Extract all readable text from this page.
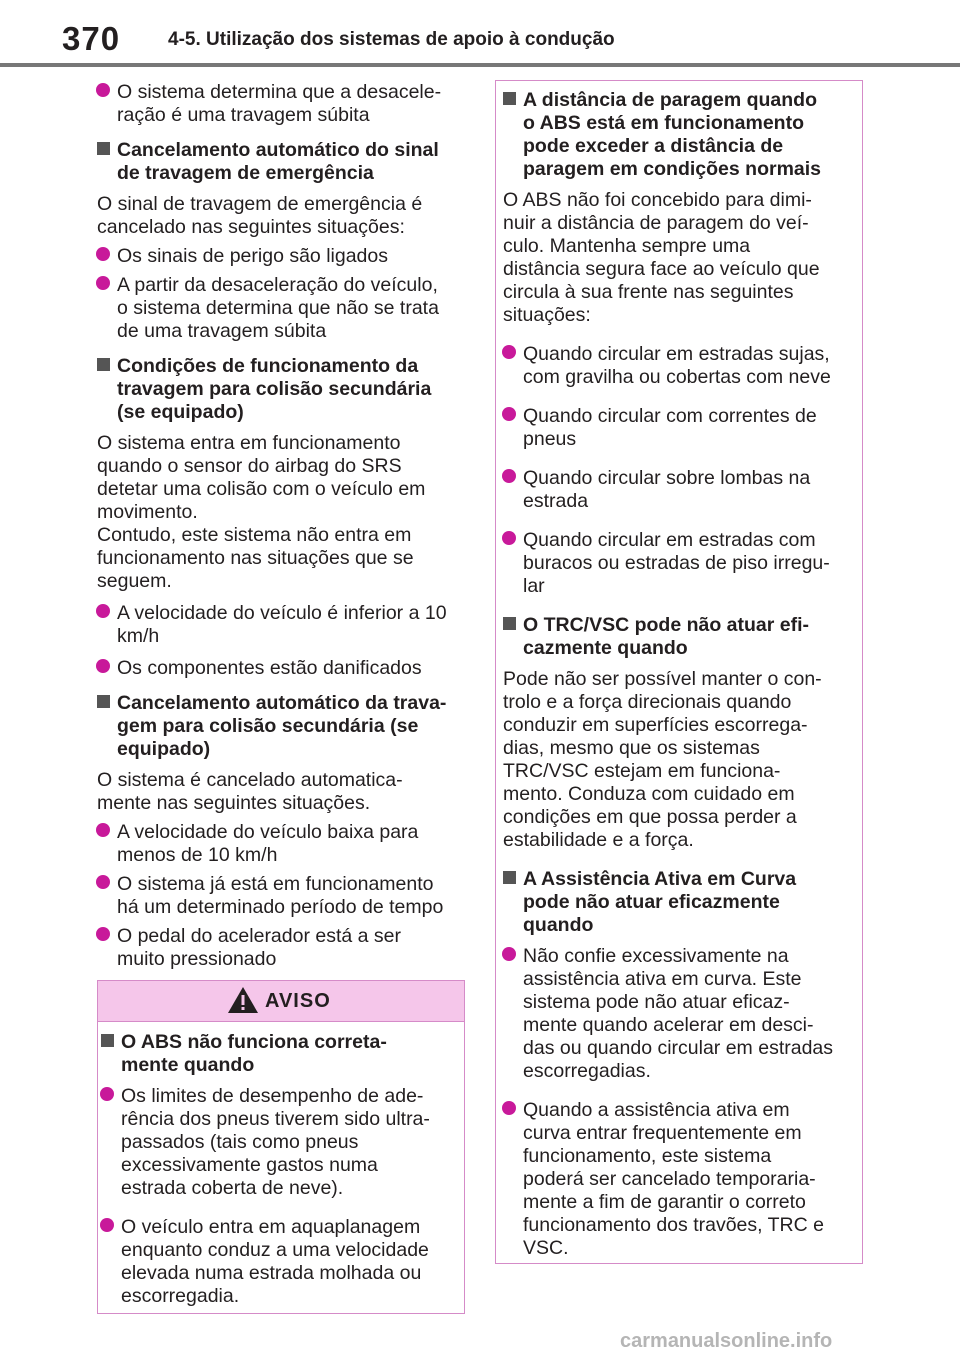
370	4-5. Utilização dos sistemas de apoio à condução

O sistema determina que a desacele-

ração é uma travagem súbita

Cancelamento automático do sinal

de travagem de emergência

O sinal de travagem de emergência é

cancelado nas seguintes situações:

Os sinais de perigo são ligados

A partir da desaceleração do veículo,

o sistema determina que não se trata

de uma travagem súbita

Condições de funcionamento da

travagem para colisão secundária

(se equipado)

O sistema entra em funcionamento

quando o sensor do airbag do SRS

detetar uma colisão com o veículo em

movimento.

Contudo, este sistema não entra em

funcionamento nas situações que se

seguem.

A velocidade do veículo é inferior a 10

km/h

Os componentes estão danificados

Cancelamento automático da trava-

gem para colisão secundária (se

equipado)

O sistema é cancelado automatica-

mente nas seguintes situações.

A velocidade do veículo baixa para

menos de 10 km/h

O sistema já está em funcionamento

há um determinado período de tempo

O pedal do acelerador está a ser

muito pressionado

AVISO

O ABS não funciona correta-

mente quando

Os limites de desempenho de ade-

rência dos pneus tiverem sido ultra-

passados (tais como pneus

excessivamente gastos numa

estrada coberta de neve).

O veículo entra em aquaplanagem

enquanto conduz a uma velocidade

elevada numa estrada molhada ou

escorregadia.

A distância de paragem quando

o ABS está em funcionamento

pode exceder a distância de

paragem em condições normais

O ABS não foi concebido para dimi-

nuir a distância de paragem do veí-

culo. Mantenha sempre uma

distância segura face ao veículo que

circula à sua frente nas seguintes

situações:

Quando circular em estradas sujas,

com gravilha ou cobertas com neve

Quando circular com correntes de

pneus

Quando circular sobre lombas na

estrada

Quando circular em estradas com

buracos ou estradas de piso irregu-

lar

O TRC/VSC pode não atuar efi-

cazmente quando

Pode não ser possível manter o con-

trolo e a força direcionais quando

conduzir em superfícies escorrega-

dias, mesmo que os sistemas

TRC/VSC estejam em funciona-

mento. Conduza com cuidado em

condições em que possa perder a

estabilidade e a força.

A Assistência Ativa em Curva

pode não atuar eficazmente

quando

Não confie excessivamente na

assistência ativa em curva. Este

sistema pode não atuar eficaz-

mente quando acelerar em desci-

das ou quando circular em estradas

escorregadias.

Quando a assistência ativa em

curva entrar frequentemente em

funcionamento, este sistema

poderá ser cancelado temporaria-

mente a fim de garantir o correto

funcionamento dos travões, TRC e

VSC.

carmanualsonline.info
